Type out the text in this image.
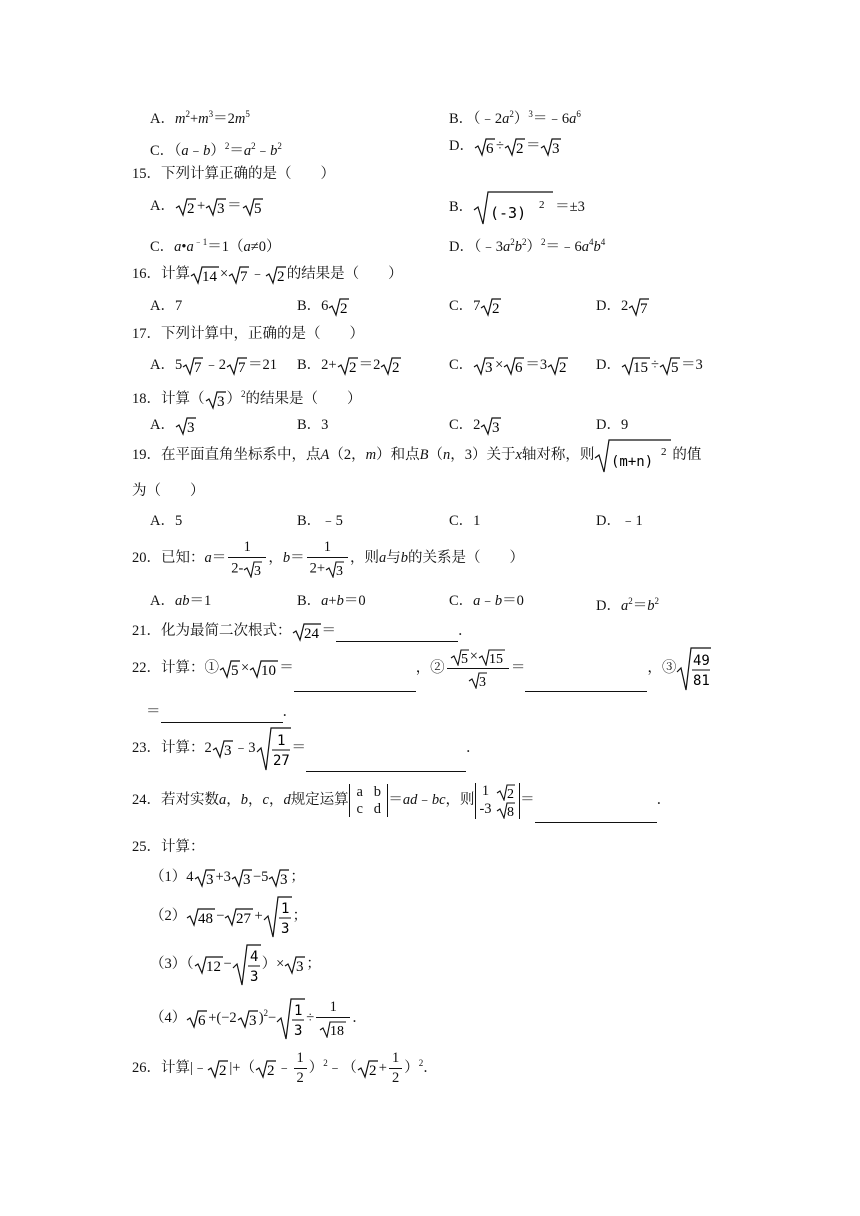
A．$m^2+m^3=2m^5$	B．$(﹣2a^2)^3=﹣6a^6$
C．$(a﹣b)^2=a^2﹣b^2$	D． 6 ÷ 2 ＝ 3
15．下列计算正确的是（　　）
A． 2 + 3 ＝ 5	B． (-3) 2 ＝±3
C．$a•a^{﹣1}=1(a\ne 0)$	D．$(﹣3a^2b^2)^2=﹣6a^4b^4$
16．计算 14 × 7 ﹣ 2 的结果是（　　）
A．7	B．6 2	C．7 2	D．2 7
17．下列计算中，正确的是（　　）
A．5 7 ﹣2 7 ＝21 B．2+ 2 ＝2 2	C． 3 × 6 ＝3 2 D． 15 ÷ 5 ＝3
18．计算（ 3 ）$^2$的结果是（　　）
A． 3	B．3	C．2 3	D．9
19．在平面直角坐标系中，点A（2，m）和点B（n，3）关于x轴对称，则 (m+n)
2 的值
为（　　）
A．5	B．﹣5	C．1	D．﹣1
20．已知：$a= \frac{1}{2- 3}$ ，$b= \frac{1}{2+ 3}$ ，则a与b的关系是（　　）
A．ab＝1	B．a+b＝0	C．a﹣b＝0	D．$a^2=b^2$
21．化为最简二次根式： 24 ＝	．
22．计算：① 5 × 10 ＝	，② $\frac{5 \times 15}{3}$ ＝	，③ 49
81
＝	．
23．计算：2 3 ﹣3 1
27
＝	．
24．若对实数a，b，c，d规定运算 a b
c d＝ad﹣bc，则1 2

-3 8
＝	．
25．计算：
（1）4 3 +3 3 −5 3 ；
（2） 48 − 27 + 1
3
；
（3）（ 12 − 4
3
）× 3 ；
（4） 6 +(−2 3 )$^2$− 1
3
÷ $\frac{1}{18}$ ．
26．计算|﹣ 2 |+（ 2 ﹣ $\frac{1}{2}$ ）$^2$﹣（ $2 + \frac{1}{2} )^2$．
